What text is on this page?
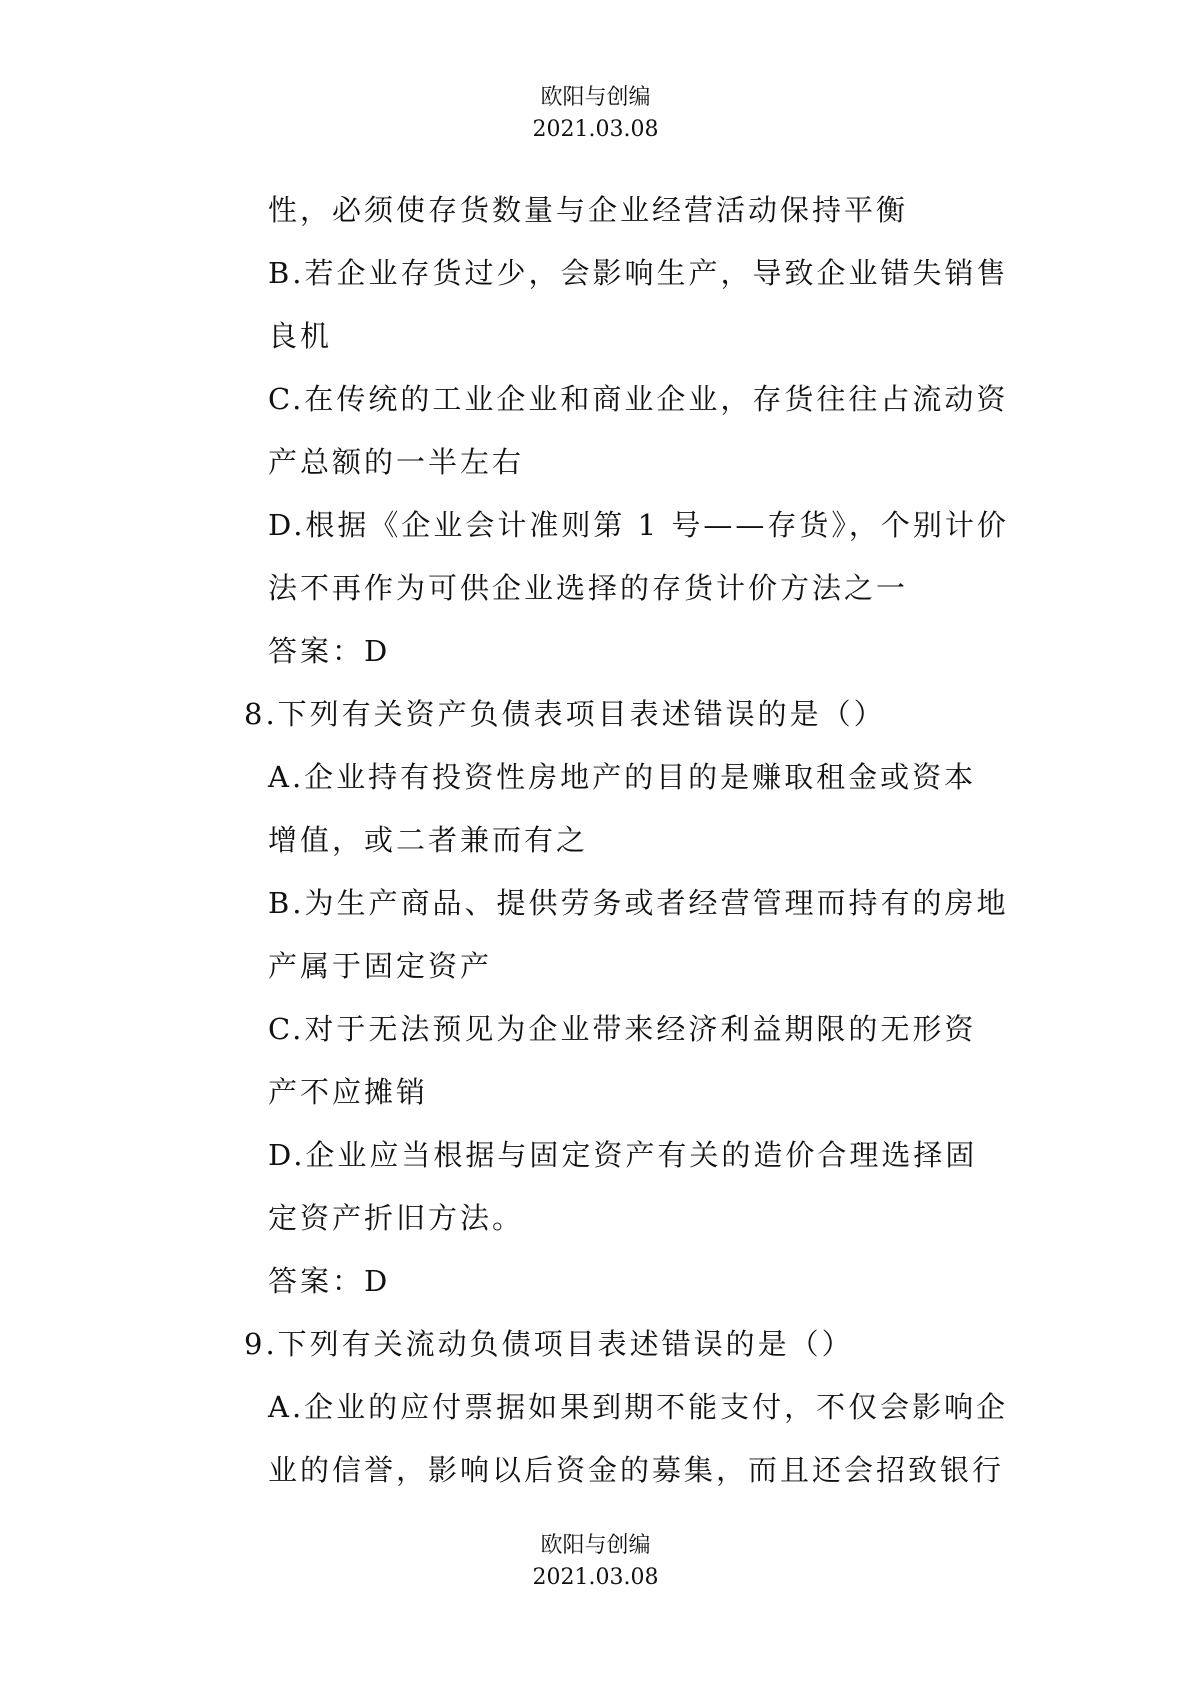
欧阳与创编
2021.03.08
性，必须使存货数量与企业经营活动保持平衡
B.若企业存货过少，会影响生产，导致企业错失销售
良机
C.在传统的工业企业和商业企业，存货往往占流动资
产总额的一半左右
D.根据《企业会计准则第 1 号——存货》，个别计价
法不再作为可供企业选择的存货计价方法之一
答案：D
8.下列有关资产负债表项目表述错误的是（）
A.企业持有投资性房地产的目的是赚取租金或资本
增值，或二者兼而有之
B.为生产商品、提供劳务或者经营管理而持有的房地
产属于固定资产
C.对于无法预见为企业带来经济利益期限的无形资
产不应摊销
D.企业应当根据与固定资产有关的造价合理选择固
定资产折旧方法。
答案：D
9.下列有关流动负债项目表述错误的是（）
A.企业的应付票据如果到期不能支付，不仅会影响企
业的信誉，影响以后资金的募集，而且还会招致银行
欧阳与创编
2021.03.08
